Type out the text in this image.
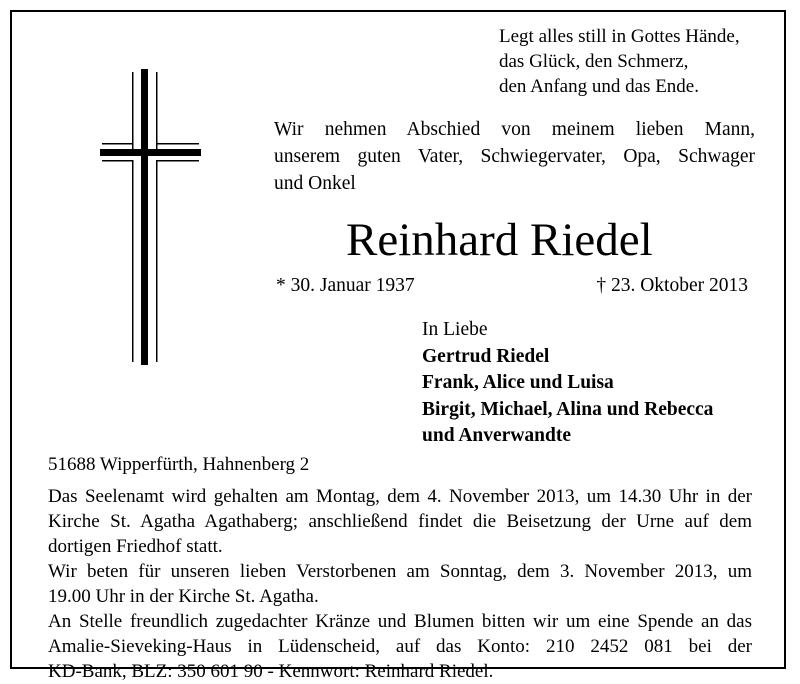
Legt alles still in Gottes Hände,
das Glück, den Schmerz,
den Anfang und das Ende.
Wir nehmen Abschied von meinem lieben Mann,
unserem guten Vater, Schwiegervater, Opa, Schwager
und Onkel
Reinhard Riedel
* 30. Januar 1937	† 23. Oktober 2013
In Liebe
Gertrud Riedel
Frank, Alice und Luisa
Birgit, Michael, Alina und Rebecca
und Anverwandte
51688 Wipperfürth, Hahnenberg 2
Das Seelenamt wird gehalten am Montag, dem 4. November 2013, um 14.30 Uhr in der
Kirche St. Agatha Agathaberg; anschließend findet die Beisetzung der Urne auf dem
dortigen Friedhof statt.
Wir beten für unseren lieben Verstorbenen am Sonntag, dem 3. November 2013, um
19.00 Uhr in der Kirche St. Agatha.
An Stelle freundlich zugedachter Kränze und Blumen bitten wir um eine Spende an das
Amalie-Sieveking-Haus in Lüdenscheid, auf das Konto: 210 2452 081 bei der
KD-Bank, BLZ: 350 601 90 - Kennwort: Reinhard Riedel.
